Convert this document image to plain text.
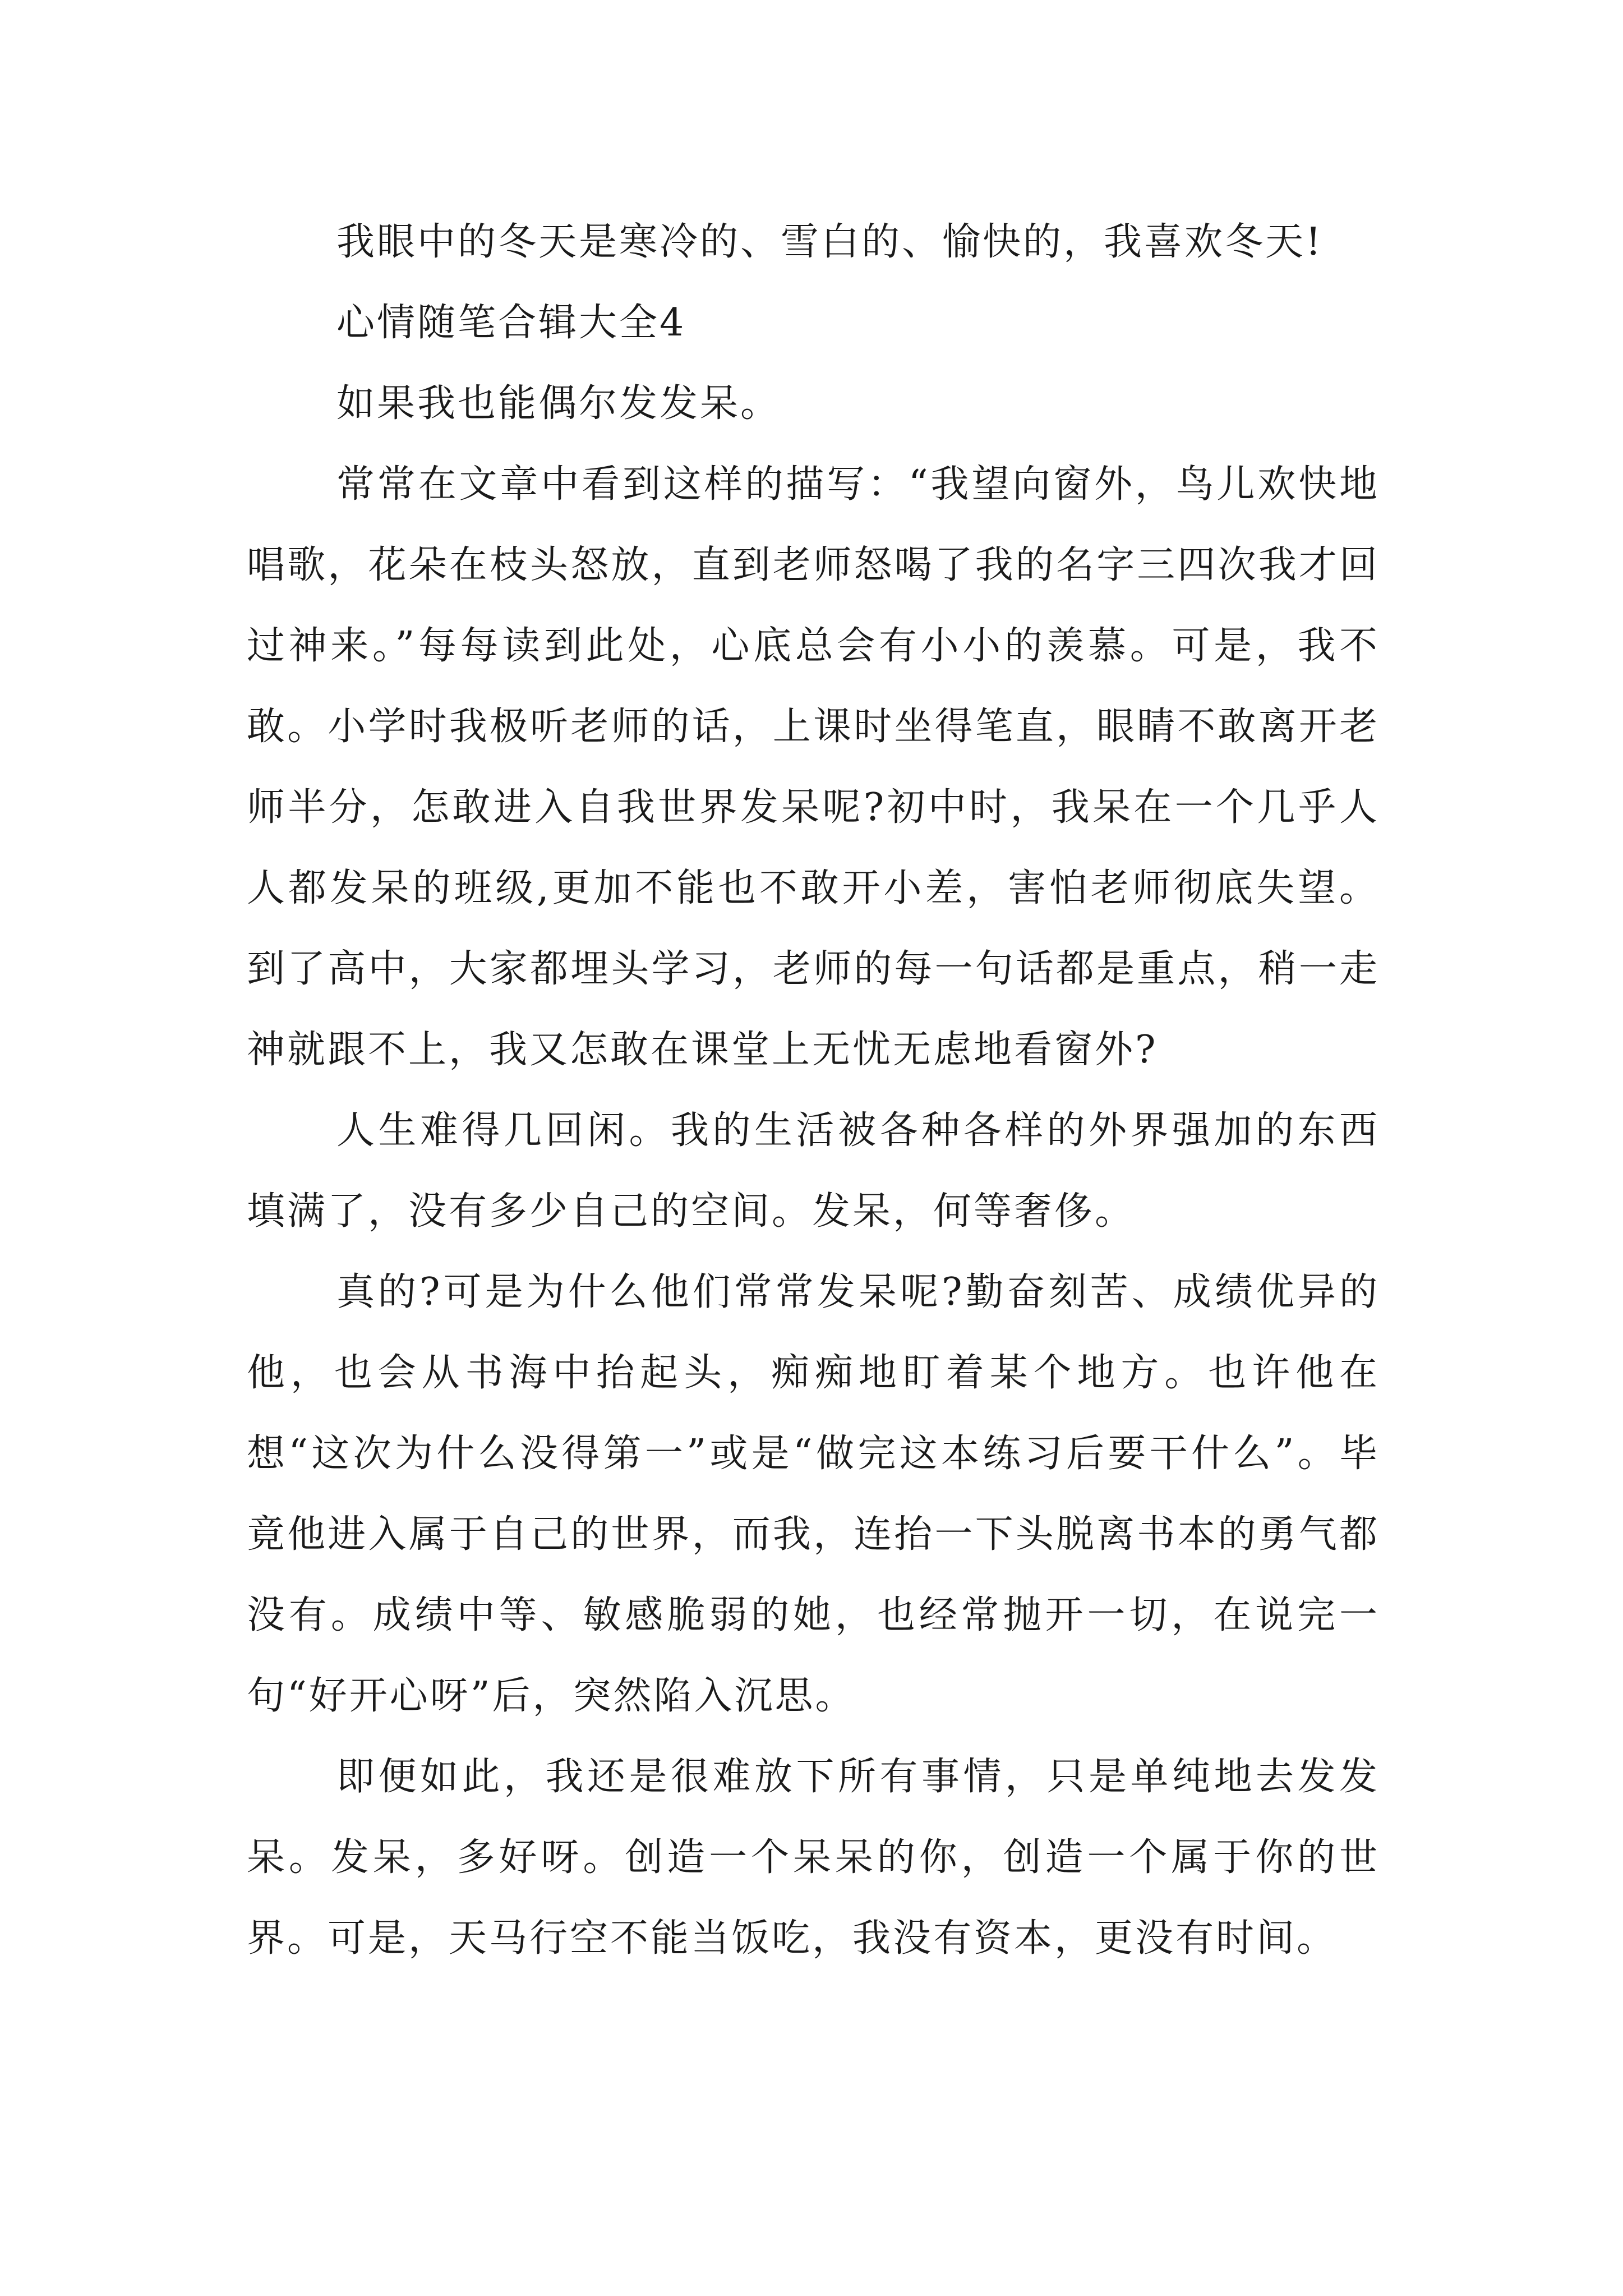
我眼中的冬天是寒冷的、雪白的、愉快的，我喜欢冬天!

心情随笔合辑大全4

如果我也能偶尔发发呆。

常常在文章中看到这样的描写：“我望向窗外，鸟儿欢快地唱歌，花朵在枝头怒放，直到老师怒喝了我的名字三四次我才回过神来。”每每读到此处，心底总会有小小的羡慕。可是，我不敢。小学时我极听老师的话，上课时坐得笔直，眼睛不敢离开老师半分，怎敢进入自我世界发呆呢?初中时，我呆在一个几乎人人都发呆的班级,更加不能也不敢开小差，害怕老师彻底失望。到了高中，大家都埋头学习，老师的每一句话都是重点，稍一走神就跟不上，我又怎敢在课堂上无忧无虑地看窗外?

人生难得几回闲。我的生活被各种各样的外界强加的东西填满了，没有多少自己的空间。发呆，何等奢侈。

真的?可是为什么他们常常发呆呢?勤奋刻苦、成绩优异的他，也会从书海中抬起头，痴痴地盯着某个地方。也许他在想“这次为什么没得第一”或是“做完这本练习后要干什么”。毕竟他进入属于自己的世界，而我，连抬一下头脱离书本的勇气都没有。成绩中等、敏感脆弱的她，也经常抛开一切，在说完一句“好开心呀”后，突然陷入沉思。

即便如此，我还是很难放下所有事情，只是单纯地去发发呆。发呆，多好呀。创造一个呆呆的你，创造一个属于你的世界。可是，天马行空不能当饭吃，我没有资本，更没有时间。
